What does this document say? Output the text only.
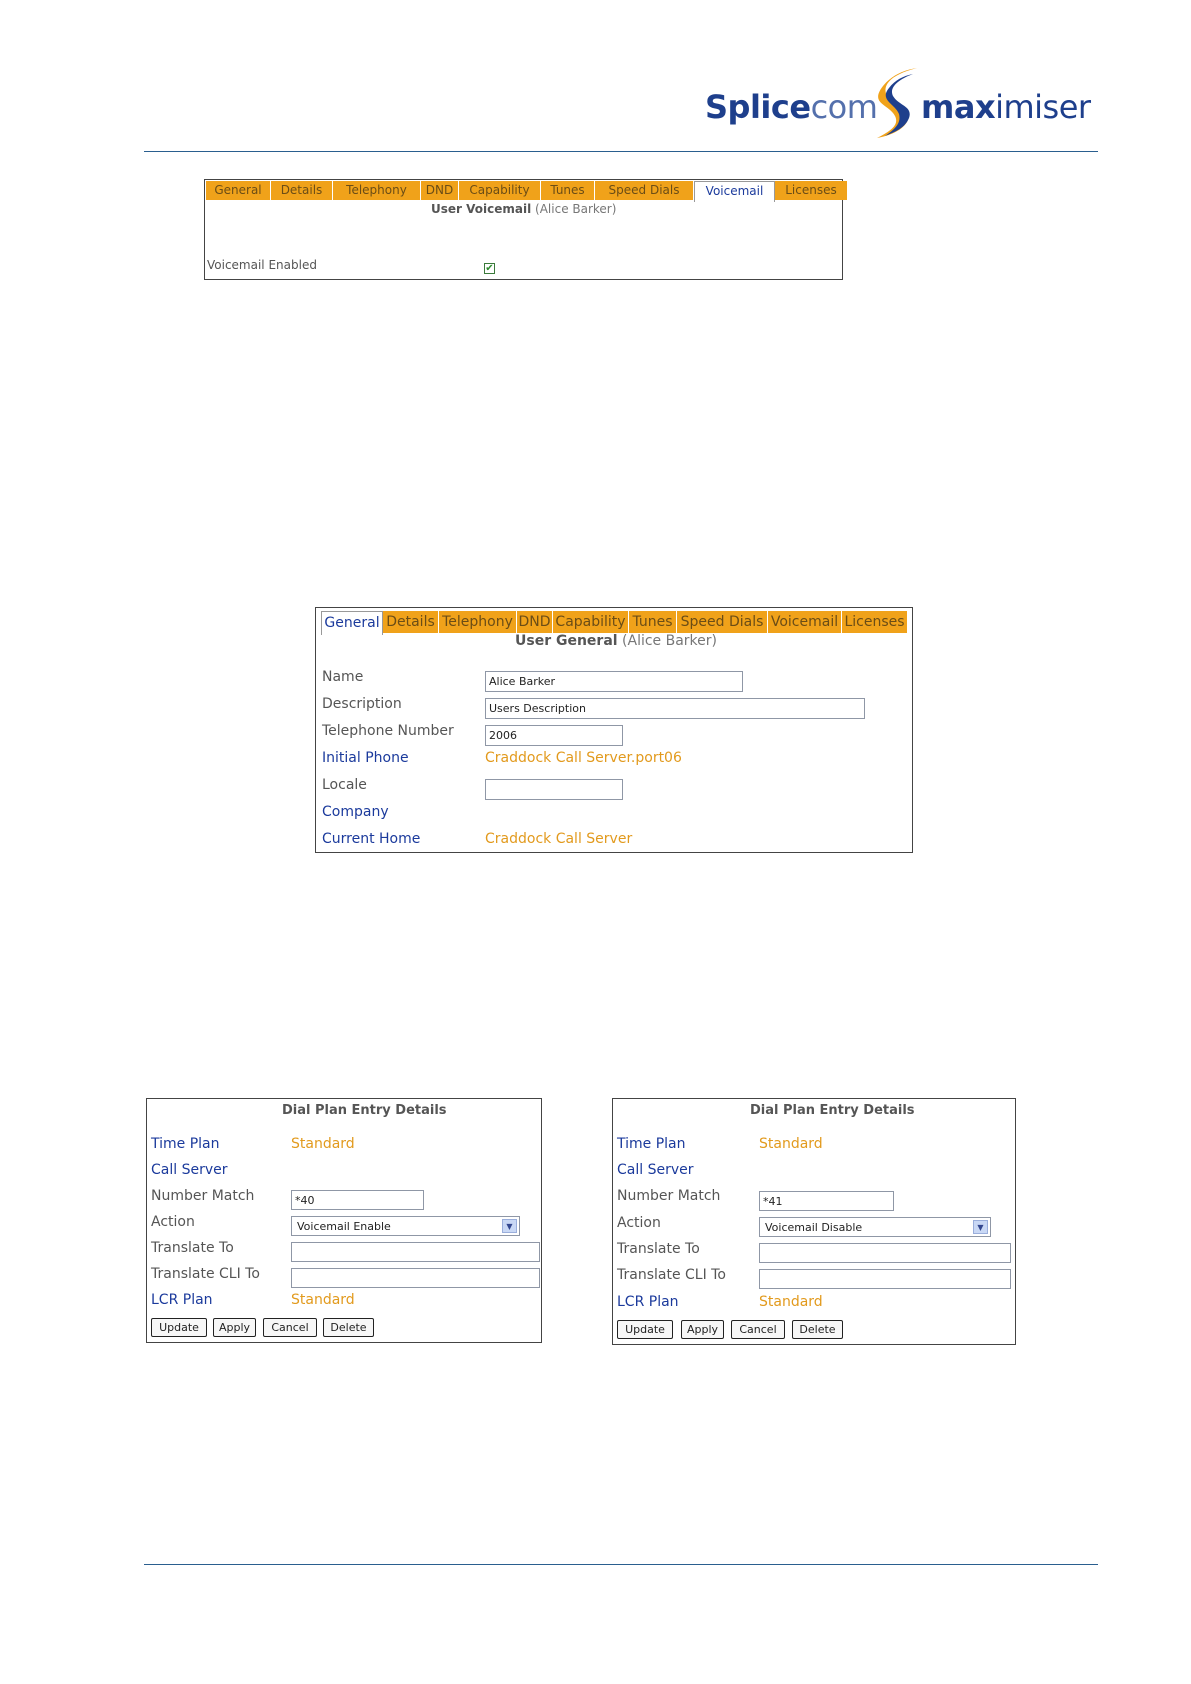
Splicecom maximiser
General	Details	Telephony	DND	Capability	Tunes	Speed Dials	Voicemail	Licenses
User Voicemail (Alice Barker)
Voicemail Enabled	✔
General Details Telephony DND Capability Tunes Speed Dials Voicemail Licenses
User General (Alice Barker)
Name	Alice Barker
Description	Users Description
Telephone Number	2006
Initial Phone	Craddock Call Server.port06
Locale
Company
Current Home	Craddock Call Server
Dial Plan Entry Details
Time Plan	Standard
Call Server
Number Match	*40
Action	Voicemail Enable	▼
Translate To
Translate CLI To
LCR Plan	Standard
Update	Apply	Cancel	Delete
Dial Plan Entry Details
Time Plan	Standard
Call Server
Number Match	*41
Action	Voicemail Disable	▼
Translate To
Translate CLI To
LCR Plan	Standard
Update	Apply	Cancel	Delete
